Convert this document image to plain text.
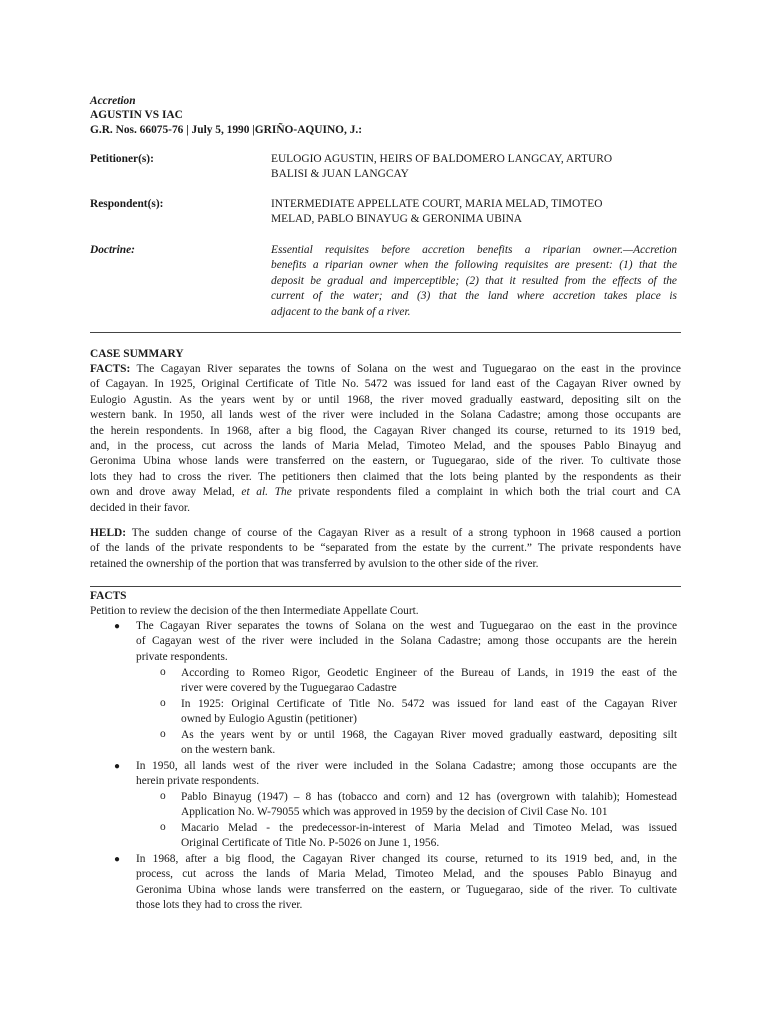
Accretion
AGUSTIN VS IAC
G.R. Nos. 66075-76 | July 5, 1990 |GRIÑO-AQUINO, J.:
Petitioner(s):	EULOGIO AGUSTIN, HEIRS OF BALDOMERO LANGCAY, ARTURO
BALISI & JUAN LANGCAY
Respondent(s):	INTERMEDIATE APPELLATE COURT, MARIA MELAD, TIMOTEO
MELAD, PABLO BINAYUG & GERONIMA UBINA
Doctrine:	Essential requisites before accretion benefits a riparian owner.—Accretion
benefits a riparian owner when the following requisites are present: (1) that the
deposit be gradual and imperceptible; (2) that it resulted from the effects of the
current of the water; and (3) that the land where accretion takes place is
adjacent to the bank of a river.
CASE SUMMARY
FACTS: The Cagayan River separates the towns of Solana on the west and Tuguegarao on the east in the province
of Cagayan. In 1925, Original Certificate of Title No. 5472 was issued for land east of the Cagayan River owned by
Eulogio Agustin. As the years went by or until 1968, the river moved gradually eastward, depositing silt on the
western bank. In 1950, all lands west of the river were included in the Solana Cadastre; among those occupants are
the herein respondents. In 1968, after a big flood, the Cagayan River changed its course, returned to its 1919 bed,
and, in the process, cut across the lands of Maria Melad, Timoteo Melad, and the spouses Pablo Binayug and
Geronima Ubina whose lands were transferred on the eastern, or Tuguegarao, side of the river. To cultivate those
lots they had to cross the river. The petitioners then claimed that the lots being planted by the respondents as their
own and drove away Melad, et al. The private respondents filed a complaint in which both the trial court and CA
decided in their favor.
HELD: The sudden change of course of the Cagayan River as a result of a strong typhoon in 1968 caused a portion
of the lands of the private respondents to be “separated from the estate by the current.” The private respondents have
retained the ownership of the portion that was transferred by avulsion to the other side of the river.
FACTS
Petition to review the decision of the then Intermediate Appellate Court.
● The Cagayan River separates the towns of Solana on the west and Tuguegarao on the east in the province
of Cagayan west of the river were included in the Solana Cadastre; among those occupants are the herein
private respondents.
o According to Romeo Rigor, Geodetic Engineer of the Bureau of Lands, in 1919 the east of the
river were covered by the Tuguegarao Cadastre
o In 1925: Original Certificate of Title No. 5472 was issued for land east of the Cagayan River
owned by Eulogio Agustin (petitioner)
o As the years went by or until 1968, the Cagayan River moved gradually eastward, depositing silt
on the western bank.
● In 1950, all lands west of the river were included in the Solana Cadastre; among those occupants are the
herein private respondents.
o Pablo Binayug (1947) – 8 has (tobacco and corn) and 12 has (overgrown with talahib); Homestead
Application No. W-79055 which was approved in 1959 by the decision of Civil Case No. 101
o Macario Melad - the predecessor-in-interest of Maria Melad and Timoteo Melad, was issued
Original Certificate of Title No. P-5026 on June 1, 1956.
● In 1968, after a big flood, the Cagayan River changed its course, returned to its 1919 bed, and, in the
process, cut across the lands of Maria Melad, Timoteo Melad, and the spouses Pablo Binayug and
Geronima Ubina whose lands were transferred on the eastern, or Tuguegarao, side of the river. To cultivate
those lots they had to cross the river.
